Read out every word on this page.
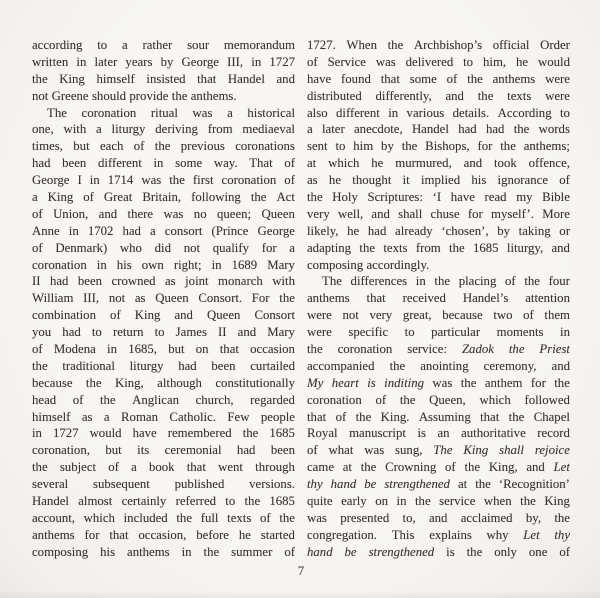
according to a rather sour memorandum
written in later years by George III, in 1727
the King himself insisted that Handel and
not Greene should provide the anthems.
The coronation ritual was a historical
one, with a liturgy deriving from mediaeval
times, but each of the previous coronations
had been different in some way. That of
George I in 1714 was the first coronation of
a King of Great Britain, following the Act
of Union, and there was no queen; Queen
Anne in 1702 had a consort (Prince George
of Denmark) who did not qualify for a
coronation in his own right; in 1689 Mary
II had been crowned as joint monarch with
William III, not as Queen Consort. For the
combination of King and Queen Consort
you had to return to James II and Mary
of Modena in 1685, but on that occasion
the traditional liturgy had been curtailed
because the King, although constitutionally
head of the Anglican church, regarded
himself as a Roman Catholic. Few people
in 1727 would have remembered the 1685
coronation, but its ceremonial had been
the subject of a book that went through
several subsequent published versions.
Handel almost certainly referred to the 1685
account, which included the full texts of the
anthems for that occasion, before he started
composing his anthems in the summer of
1727. When the Archbishop’s official Order
of Service was delivered to him, he would
have found that some of the anthems were
distributed differently, and the texts were
also different in various details. According to
a later anecdote, Handel had had the words
sent to him by the Bishops, for the anthems;
at which he murmured, and took offence,
as he thought it implied his ignorance of
the Holy Scriptures: ‘I have read my Bible
very well, and shall chuse for myself’. More
likely, he had already ‘chosen’, by taking or
adapting the texts from the 1685 liturgy, and
composing accordingly.
The differences in the placing of the four
anthems that received Handel’s attention
were not very great, because two of them
were specific to particular moments in
the coronation service: Zadok the Priest
accompanied the anointing ceremony, and
My heart is inditing was the anthem for the
coronation of the Queen, which followed
that of the King. Assuming that the Chapel
Royal manuscript is an authoritative record
of what was sung, The King shall rejoice
came at the Crowning of the King, and Let
thy hand be strengthened at the ‘Recognition’
quite early on in the service when the King
was presented to, and acclaimed by, the
congregation. This explains why Let thy
hand be strengthened is the only one of
7
